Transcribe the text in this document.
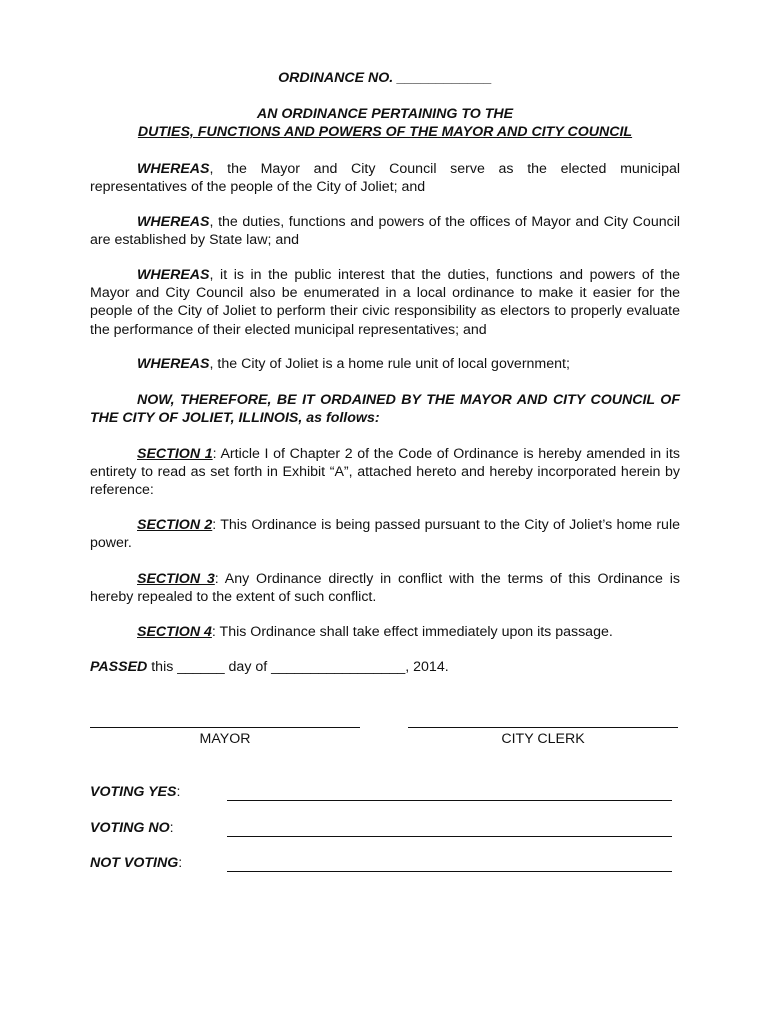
ORDINANCE NO. ____________
AN ORDINANCE PERTAINING TO THE
DUTIES, FUNCTIONS AND POWERS OF THE MAYOR AND CITY COUNCIL
WHEREAS, the Mayor and City Council serve as the elected municipal representatives of the people of the City of Joliet; and
WHEREAS, the duties, functions and powers of the offices of Mayor and City Council are established by State law; and
WHEREAS, it is in the public interest that the duties, functions and powers of the Mayor and City Council also be enumerated in a local ordinance to make it easier for the people of the City of Joliet to perform their civic responsibility as electors to properly evaluate the performance of their elected municipal representatives; and
WHEREAS, the City of Joliet is a home rule unit of local government;
NOW, THEREFORE, BE IT ORDAINED BY THE MAYOR AND CITY COUNCIL OF THE CITY OF JOLIET, ILLINOIS, as follows:
SECTION 1: Article I of Chapter 2 of the Code of Ordinance is hereby amended in its entirety to read as set forth in Exhibit “A”, attached hereto and hereby incorporated herein by reference:
SECTION 2: This Ordinance is being passed pursuant to the City of Joliet’s home rule power.
SECTION 3: Any Ordinance directly in conflict with the terms of this Ordinance is hereby repealed to the extent of such conflict.
SECTION 4: This Ordinance shall take effect immediately upon its passage.
PASSED this ______ day of _________________, 2014.
MAYOR	CITY CLERK
VOTING YES:
VOTING NO:
NOT VOTING:
